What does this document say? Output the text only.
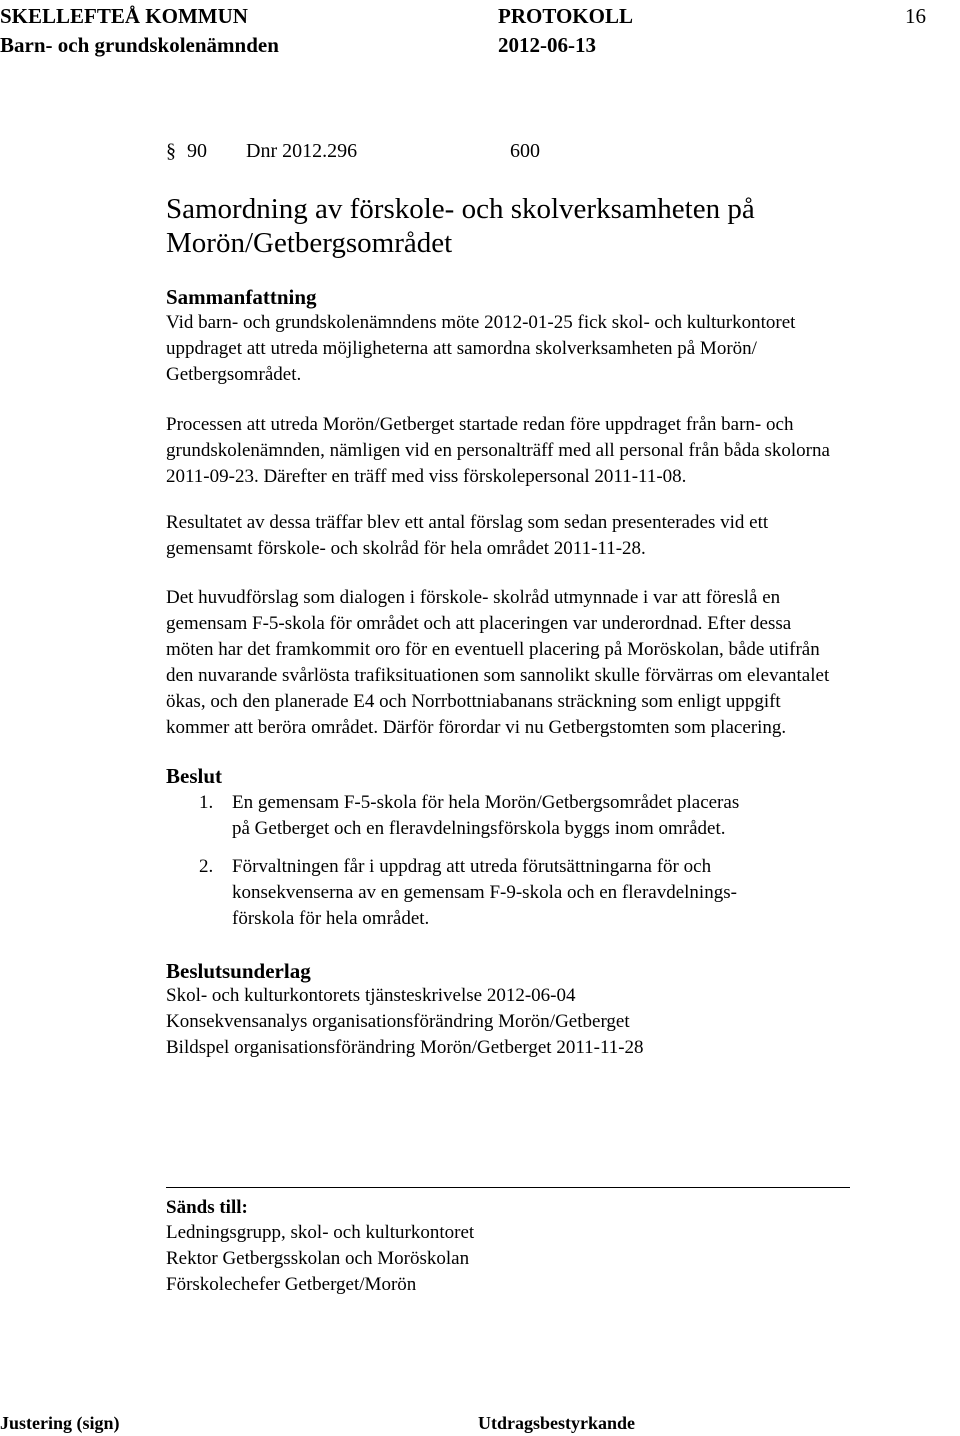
SKELLEFTEÅ KOMMUN	PROTOKOLL	16
Barn- och grundskolenämnden	2012-06-13
§ 90 Dnr 2012.296	600
Samordning av förskole- och skolverksamheten på
Morön/Getbergsområdet
Sammanfattning
Vid barn- och grundskolenämndens möte 2012-01-25 fick skol- och kulturkontoret
uppdraget att utreda möjligheterna att samordna skolverksamheten på Morön/
Getbergsområdet.
Processen att utreda Morön/Getberget startade redan före uppdraget från barn- och
grundskolenämnden, nämligen vid en personalträff med all personal från båda skolorna
2011-09-23. Därefter en träff med viss förskolepersonal 2011-11-08.
Resultatet av dessa träffar blev ett antal förslag som sedan presenterades vid ett
gemensamt förskole- och skolråd för hela området 2011-11-28.
Det huvudförslag som dialogen i förskole- skolråd utmynnade i var att föreslå en
gemensam F-5-skola för området och att placeringen var underordnad. Efter dessa
möten har det framkommit oro för en eventuell placering på Moröskolan, både utifrån
den nuvarande svårlösta trafiksituationen som sannolikt skulle förvärras om elevantalet
ökas, och den planerade E4 och Norrbottniabanans sträckning som enligt uppgift
kommer att beröra området. Därför förordar vi nu Getbergstomten som placering.
Beslut
1. En gemensam F-5-skola för hela Morön/Getbergsområdet placeras
på Getberget och en fleravdelningsförskola byggs inom området.
2. Förvaltningen får i uppdrag att utreda förutsättningarna för och
konsekvenserna av en gemensam F-9-skola och en fleravdelnings-
förskola för hela området.
Beslutsunderlag
Skol- och kulturkontorets tjänsteskrivelse 2012-06-04
Konsekvensanalys organisationsförändring Morön/Getberget
Bildspel organisationsförändring Morön/Getberget 2011-11-28
Sänds till:
Ledningsgrupp, skol- och kulturkontoret
Rektor Getbergsskolan och Moröskolan
Förskolechefer Getberget/Morön
Justering (sign)	Utdragsbestyrkande
